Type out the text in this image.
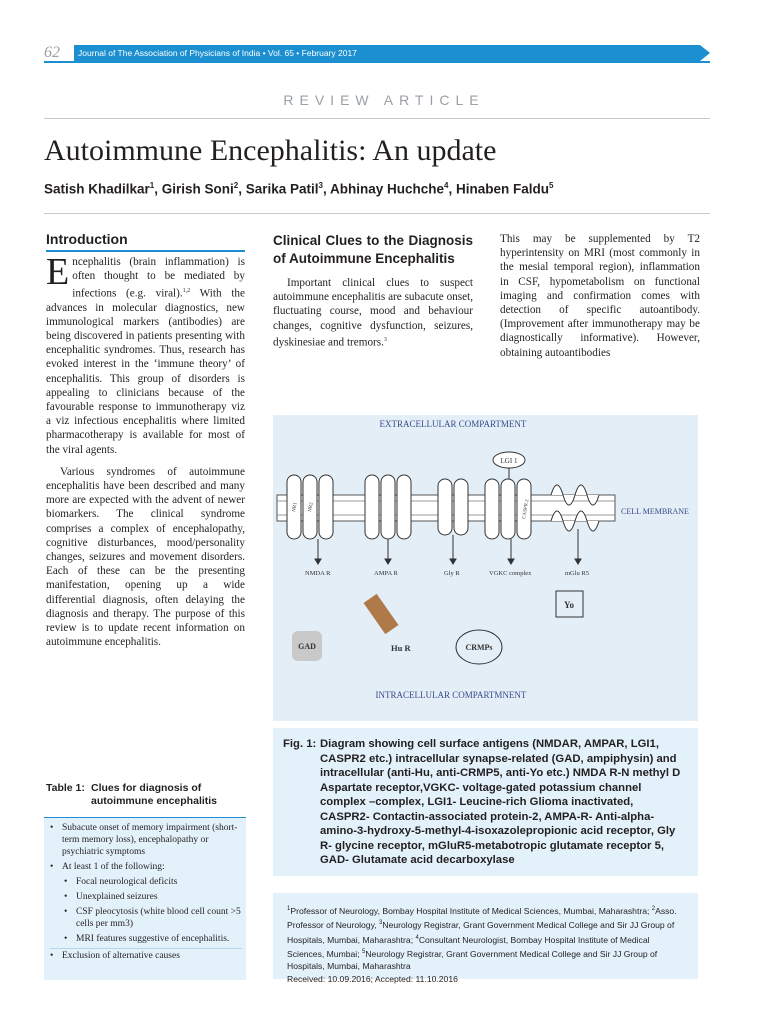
62	Journal of The Association of Physicians of India • Vol. 65 • February 2017
REVIEW ARTICLE
Autoimmune Encephalitis: An update
Satish Khadilkar$^1$, Girish Soni$^2$, Sarika Patil$^3$, Abhinay Huchche$^4$, Hinaben Faldu$^5$
Introduction

Encephalitis (brain inflammation) is often thought to be mediated by infections (e.g. viral).$^{1,2}$ With the advances in molecular diagnostics, new immunological markers (antibodies) are being discovered in patients presenting with encephalitic syndromes. Thus, research has evoked interest in the ‘immune theory’ of encephalitis. This group of disorders is appealing to clinicians because of the favourable response to immunotherapy viz a viz infectious encephalitis where limited pharmacotherapy is available for most of the viral agents.

Various syndromes of autoimmune encephalitis have been described and many more are expected with the advent of newer biomarkers. The clinical syndrome comprises a complex of encephalopathy, cognitive disturbances, mood/personality changes, seizures and movement disorders. Each of these can be the presenting manifestation, opening up a wide differential diagnosis, often delaying the diagnosis and therapy. The purpose of this review is to update recent information on autoimmune encephalitis.

Clinical Clues to the Diagnosis of Autoimmune Encephalitis

Important clinical clues to suspect autoimmune encephalitis are subacute onset, fluctuating course, mood and behaviour changes, cognitive dysfunction, seizures, dyskinesiae and tremors.$^3$

This may be supplemented by T2 hyperintensity on MRI (most commonly in the mesial temporal region), inflammation in CSF, hypometabolism on functional imaging and confirmation comes with detection of specific autoantibody. (Improvement after immunotherapy may be diagnostically informative). However, obtaining autoantibodies

Table 1: Clues for diagnosis of autoimmune encephalitis
• Subacute onset of memory impairment (short-term memory loss), encephalopathy or psychiatric symptoms
• At least 1 of the following:
• Focal neurological deficits
• Unexplained seizures
• CSF pleocytosis (white blood cell count >5 cells per mm3)
• MRI features suggestive of encephalitis.
• Exclusion of alternative causes
EXTRACELLULAR COMPARTMENT
INTRACELLULAR COMPARTMNENT
CELL MEMBRANE
NR1 NR2
LGI 1
CASPR 2
NMDA R	AMPA R	Gly R	VGKC complex	mGlu R5
Yo
GAD	Hu R	CRMPs
Fig. 1: Diagram showing cell surface antigens (NMDAR, AMPAR, LGI1, CASPR2 etc.) intracellular synapse-related (GAD, ampiphysin) and intracellular (anti-Hu, anti-CRMP5, anti-Yo etc.) NMDA R-N methyl D Aspartate receptor,VGKC- voltage-gated potassium channel complex –complex, LGI1- Leucine-rich Glioma inactivated, CASPR2- Contactin-associated protein-2, AMPA-R- Anti-alpha-amino-3-hydroxy-5-methyl-4-isoxazolepropionic acid receptor, Gly R- glycine receptor, mGluR5-metabotropic glutamate receptor 5, GAD- Glutamate acid decarboxylase
$^1$Professor of Neurology, Bombay Hospital Institute of Medical Sciences, Mumbai, Maharashtra; $^2$Asso. Professor of Neurology, $^3$Neurology Registrar, Grant Government Medical College and Sir JJ Group of Hospitals, Mumbai, Maharashtra; $^4$Consultant Neurologist, Bombay Hospital Institute of Medical Sciences, Mumbai; $^5$Neurology Registrar, Grant Government Medical College and Sir JJ Group of Hospitals, Mumbai, Maharashtra
Received: 10.09.2016; Accepted: 11.10.2016
